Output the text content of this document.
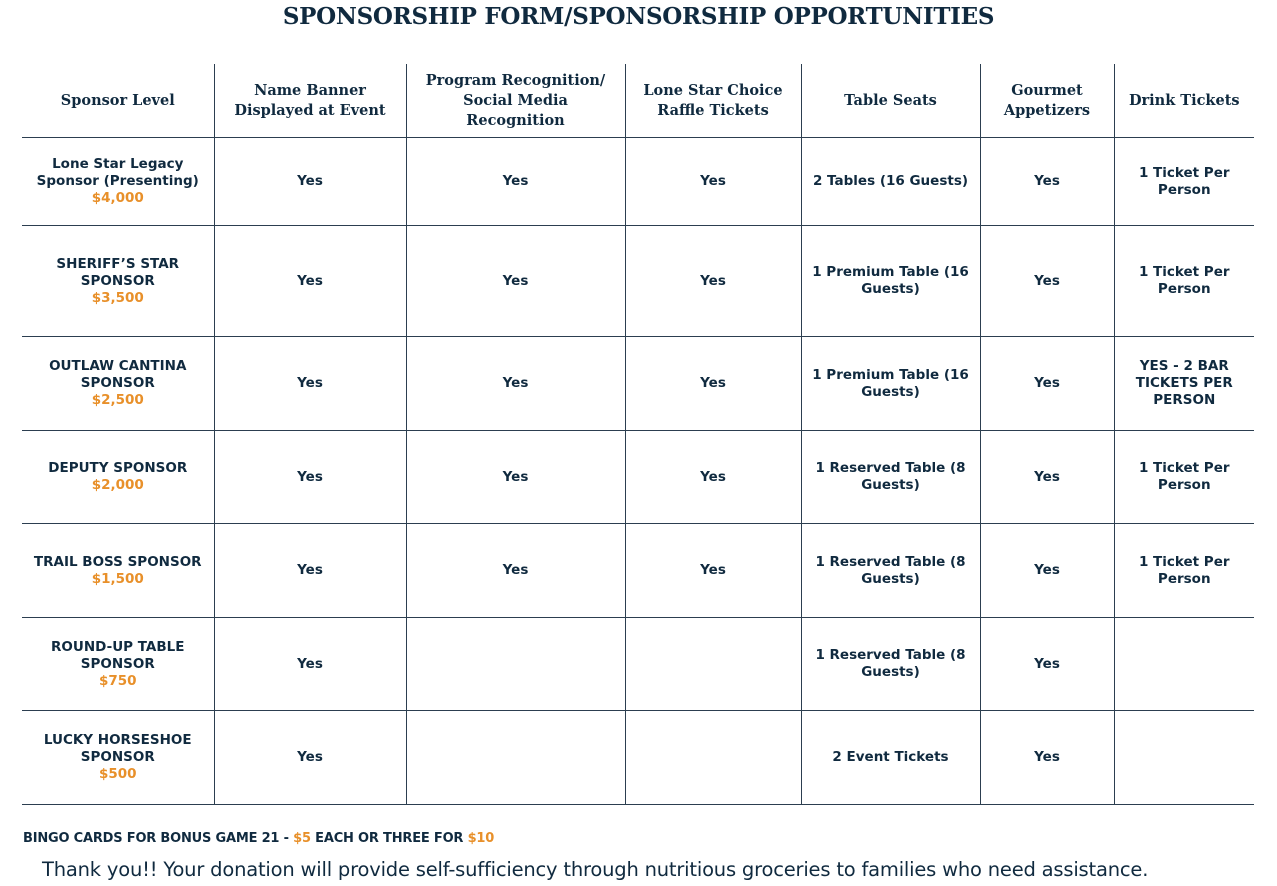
SPONSORSHIP FORM/SPONSORSHIP OPPORTUNITIES
Sponsor Level	Name Banner Displayed at Event	Program Recognition/ Social Media Recognition	Lone Star Choice Raffle Tickets	Table Seats	Gourmet Appetizers	Drink Tickets
Lone Star Legacy Sponsor (Presenting)
$4,000	Yes	Yes	Yes	2 Tables (16 Guests)	Yes	1 Ticket Per Person
SHERIFF’S STAR SPONSOR
$3,500	Yes	Yes	Yes	1 Premium Table (16 Guests)	Yes	1 Ticket Per Person
OUTLAW CANTINA SPONSOR
$2,500	Yes	Yes	Yes	1 Premium Table (16 Guests)	Yes	YES - 2 BAR TICKETS PER PERSON
DEPUTY SPONSOR
$2,000	Yes	Yes	Yes	1 Reserved Table (8 Guests)	Yes	1 Ticket Per Person
TRAIL BOSS SPONSOR
$1,500	Yes	Yes	Yes	1 Reserved Table (8 Guests)	Yes	1 Ticket Per Person
ROUND-UP TABLE SPONSOR
$750	Yes			1 Reserved Table (8 Guests)	Yes	
LUCKY HORSESHOE SPONSOR
$500	Yes			2 Event Tickets	Yes	
BINGO CARDS FOR BONUS GAME 21 - $5 EACH OR THREE FOR $10
Thank you!! Your donation will provide self-sufficiency through nutritious groceries to families who need assistance.
